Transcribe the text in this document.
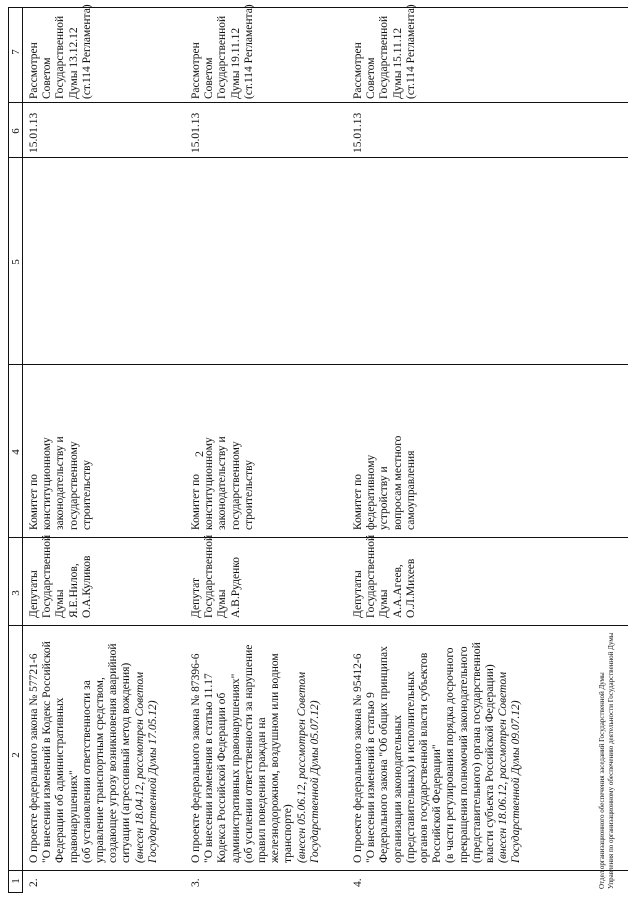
2
1
2
3
4
5
6
7
2.
О проекте федерального закона № 57721-6 "О внесении изменений в Кодекс Российской Федерации об административных правонарушениях" (об установлении ответственности за управление транспортным средством, создающее угрозу возникновения аварийной ситуации (агрессивный метод вождения) (внесен 18.04.12, рассмотрен Советом Государственной Думы 17.05.12)
Депутаты Государственной Думы Я.Е.Нилов, О.А.Куликов
Комитет по конституционному законодательству и государственному строительству
15.01.13
Рассмотрен Советом Государственной Думы 13.12.12 (ст.114 Регламента)
3.
О проекте федерального закона № 87396-6 "О внесении изменения в статью 11.17 Кодекса Российской Федерации об административных правонарушениях" (об усилении ответственности за нарушение правил поведения граждан на железнодорожном, воздушном или водном транспорте) (внесен 05.06.12, рассмотрен Советом Государственной Думы 05.07.12)
Депутат Государственной Думы А.В.Руденко
Комитет по конституционному законодательству и государственному строительству
15.01.13
Рассмотрен Советом Государственной Думы 19.11.12 (ст.114 Регламента)
4.
О проекте федерального закона № 95412-6 "О внесении изменений в статью 9 Федерального закона "Об общих принципах организации законодательных (представительных) и исполнительных органов государственной власти субъектов Российской Федерации" (в части регулирования порядка досрочного прекращения полномочий законодательного (представительного) органа государственной власти субъекта Российской Федерации) (внесен 18.06.12, рассмотрен Советом Государственной Думы 09.07.12)
Депутаты Государственной Думы А.А.Агеев, О.Л.Михеев
Комитет по федеративному устройству и вопросам местного самоуправления
15.01.13
Рассмотрен Советом Государственной Думы 15.11.12 (ст.114 Регламента)
Отдел организационного обеспечения заседаний Государственной Думы Управления по организационному обеспечению деятельности Государственной Думы
